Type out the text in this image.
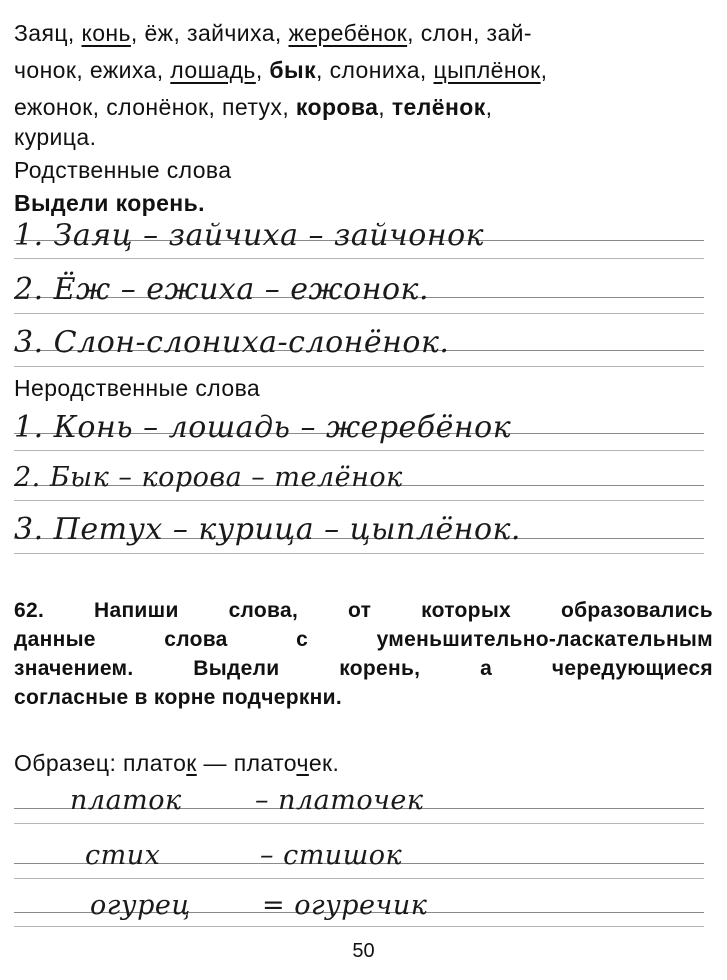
Заяц, конь, ёж, зайчиха, жеребёнок, слон, зай-
чонок, ежиха, лошадь, бык, слониха, цыплёнок,
ежонок, слонёнок, петух, корова, телёнок,
курица.
Родственные слова
Выдели корень.
1. Заяц – зайчиха – зайчонок
2. Ёж – ежиха – ежонок.
3. Слон-слониха-слонёнок.
Неродственные слова
1. Конь – лошадь – жеребёнок
2. Бык – корова – телёнок
3. Петух – курица – цыплёнок.
62. Напиши слова, от которых образовались
данные слова с уменьшительно-ласкательным
значением. Выдели корень, а чередующиеся
согласные в корне подчеркни.
Образец: платок — платочек.
платок	– платочек
стих	– стишок
огурец	= огуречик
50
